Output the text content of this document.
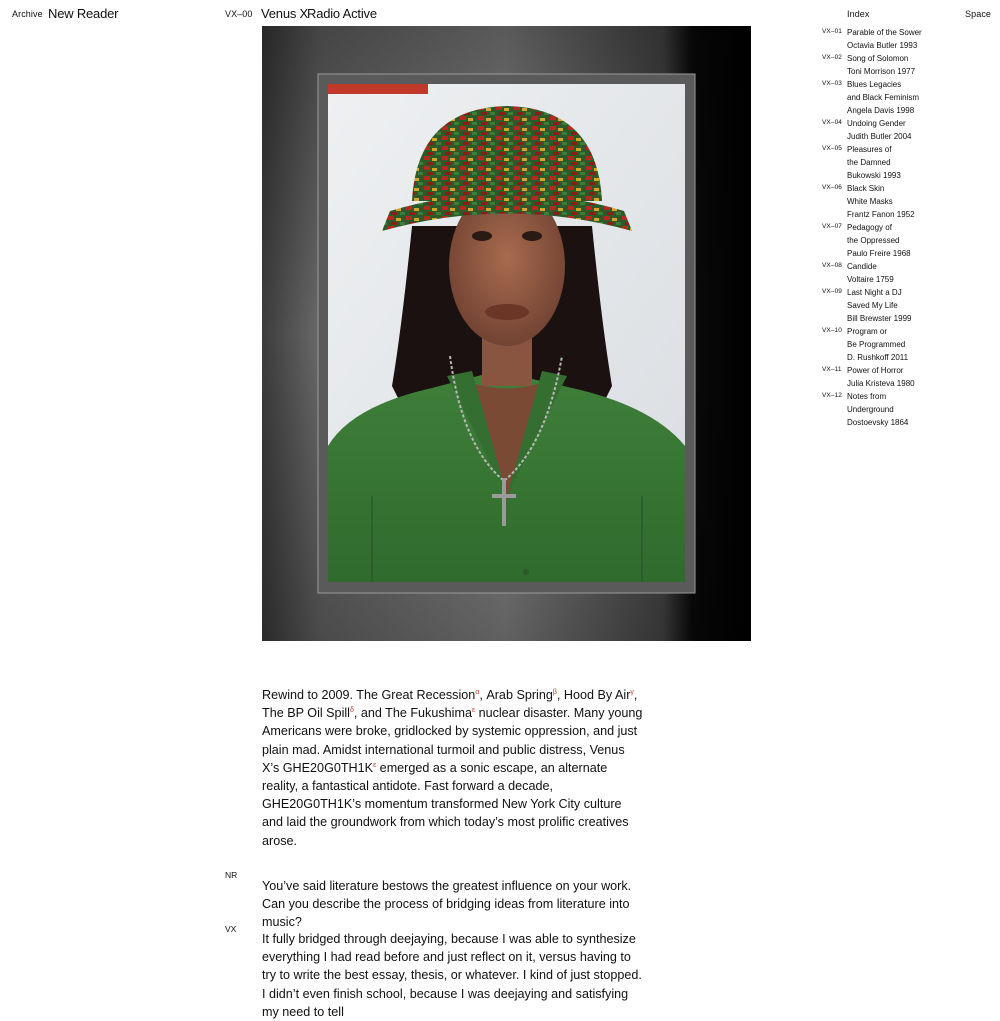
Archive New Reader	VX–00 Venus X
Radio Active	Index	Space
VX–01 Parable of the Sower
Octavia Butler 1993
VX–02 Song of Solomon
Toni Morrison 1977
VX–03 Blues Legacies
and Black Feminism
Angela Davis 1998
VX–04 Undoing Gender
Judith Butler 2004
VX–05 Pleasures of
the Damned
Bukowski 1993
VX–06 Black Skin
White Masks
Frantz Fanon 1952
VX–07 Pedagogy of
the Oppressed
Paulo Freire 1968
VX–08 Candide
Voltaire 1759
VX–09 Last Night a DJ
Saved My Life
Bill Brewster 1999
VX–10 Program or
Be Programmed
D. Rushkoff 2011
VX–11 Power of Horror
Julia Kristeva 1980
VX–12 Notes from
Underground
Dostoevsky 1864

Rewind to 2009. The Great Recession$^\alpha$, Arab Spring$^\beta$, Hood By Air$^\gamma$, The BP Oil Spill$^\delta$, and The Fukushima$^\varepsilon$ nuclear disaster. Many young Americans were broke, gridlocked by systemic oppression, and just plain mad. Amidst international turmoil and public distress, Venus X’s GHE20G0TH1K$^\varepsilon$ emerged as a sonic escape, an alternate reality, a fantastical antidote. Fast forward a decade, GHE20G0TH1K’s momentum transformed New York City culture and laid the groundwork from which today’s most prolific creatives arose.

NR

You’ve said literature bestows the greatest influence on your work. Can you describe the process of bridging ideas from literature into music?

VX

It fully bridged through deejaying, because I was able to synthesize everything I had read before and just reflect on it, versus having to try to write the best essay, thesis, or whatever. I kind of just stopped. I didn’t even finish school, because I was deejaying and satisfying my need to tell
